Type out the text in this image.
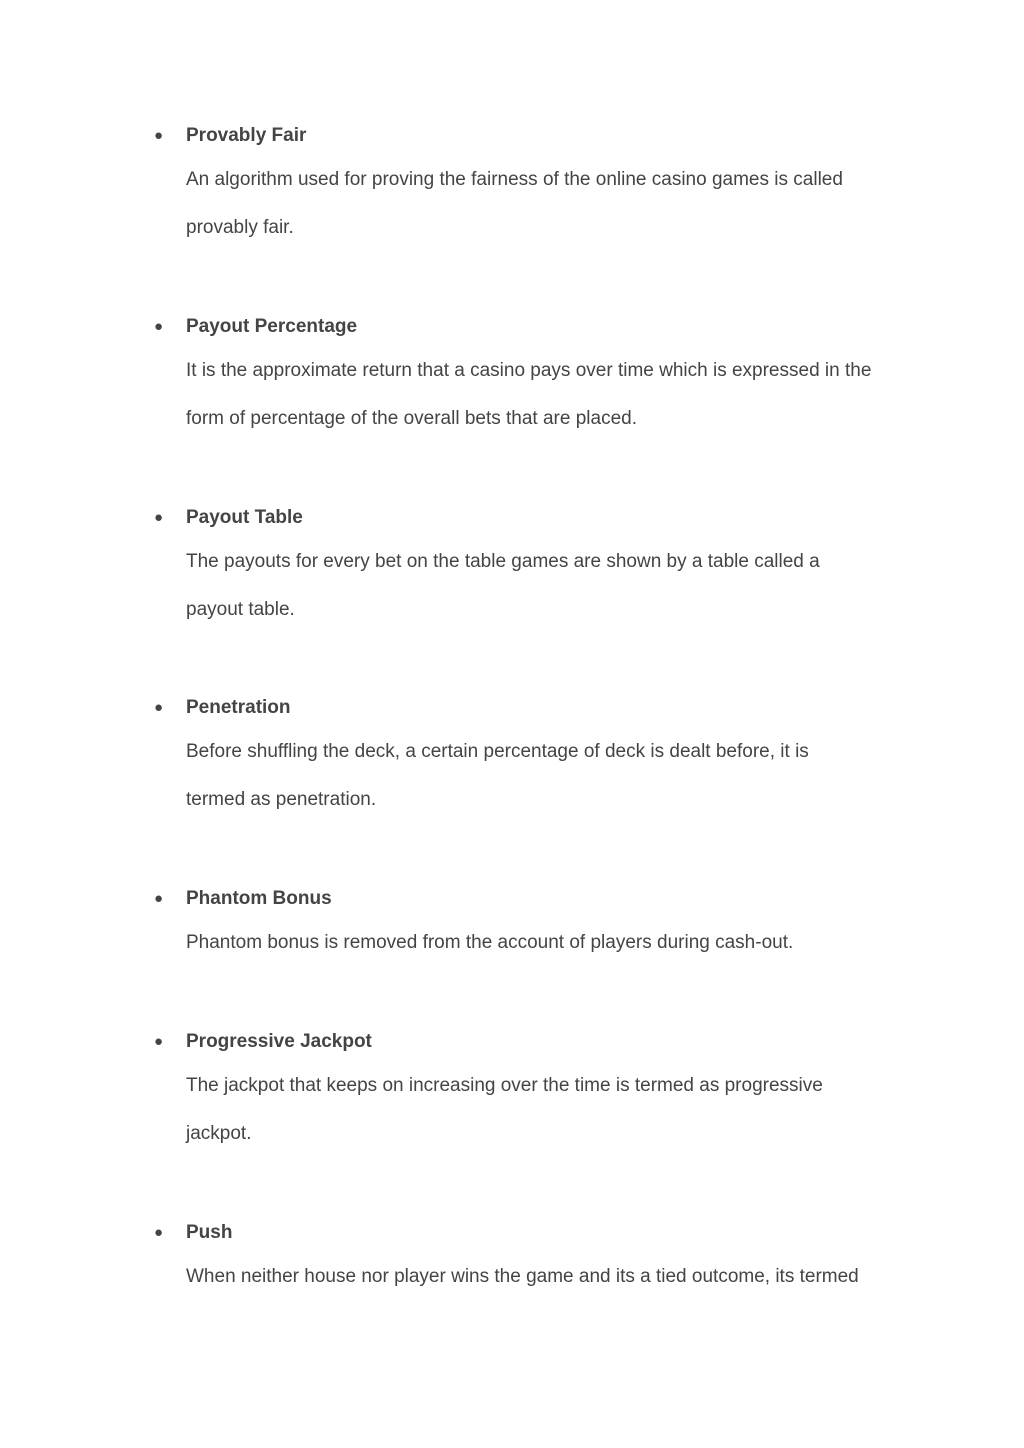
● Provably Fair

An algorithm used for proving the fairness of the online casino games is called
provably fair.

● Payout Percentage

It is the approximate return that a casino pays over time which is expressed in the
form of percentage of the overall bets that are placed.

● Payout Table

The payouts for every bet on the table games are shown by a table called a
payout table.

● Penetration

Before shuffling the deck, a certain percentage of deck is dealt before, it is
termed as penetration.

● Phantom Bonus

Phantom bonus is removed from the account of players during cash-out.

● Progressive Jackpot

The jackpot that keeps on increasing over the time is termed as progressive
jackpot.

● Push

When neither house nor player wins the game and its a tied outcome, its termed
